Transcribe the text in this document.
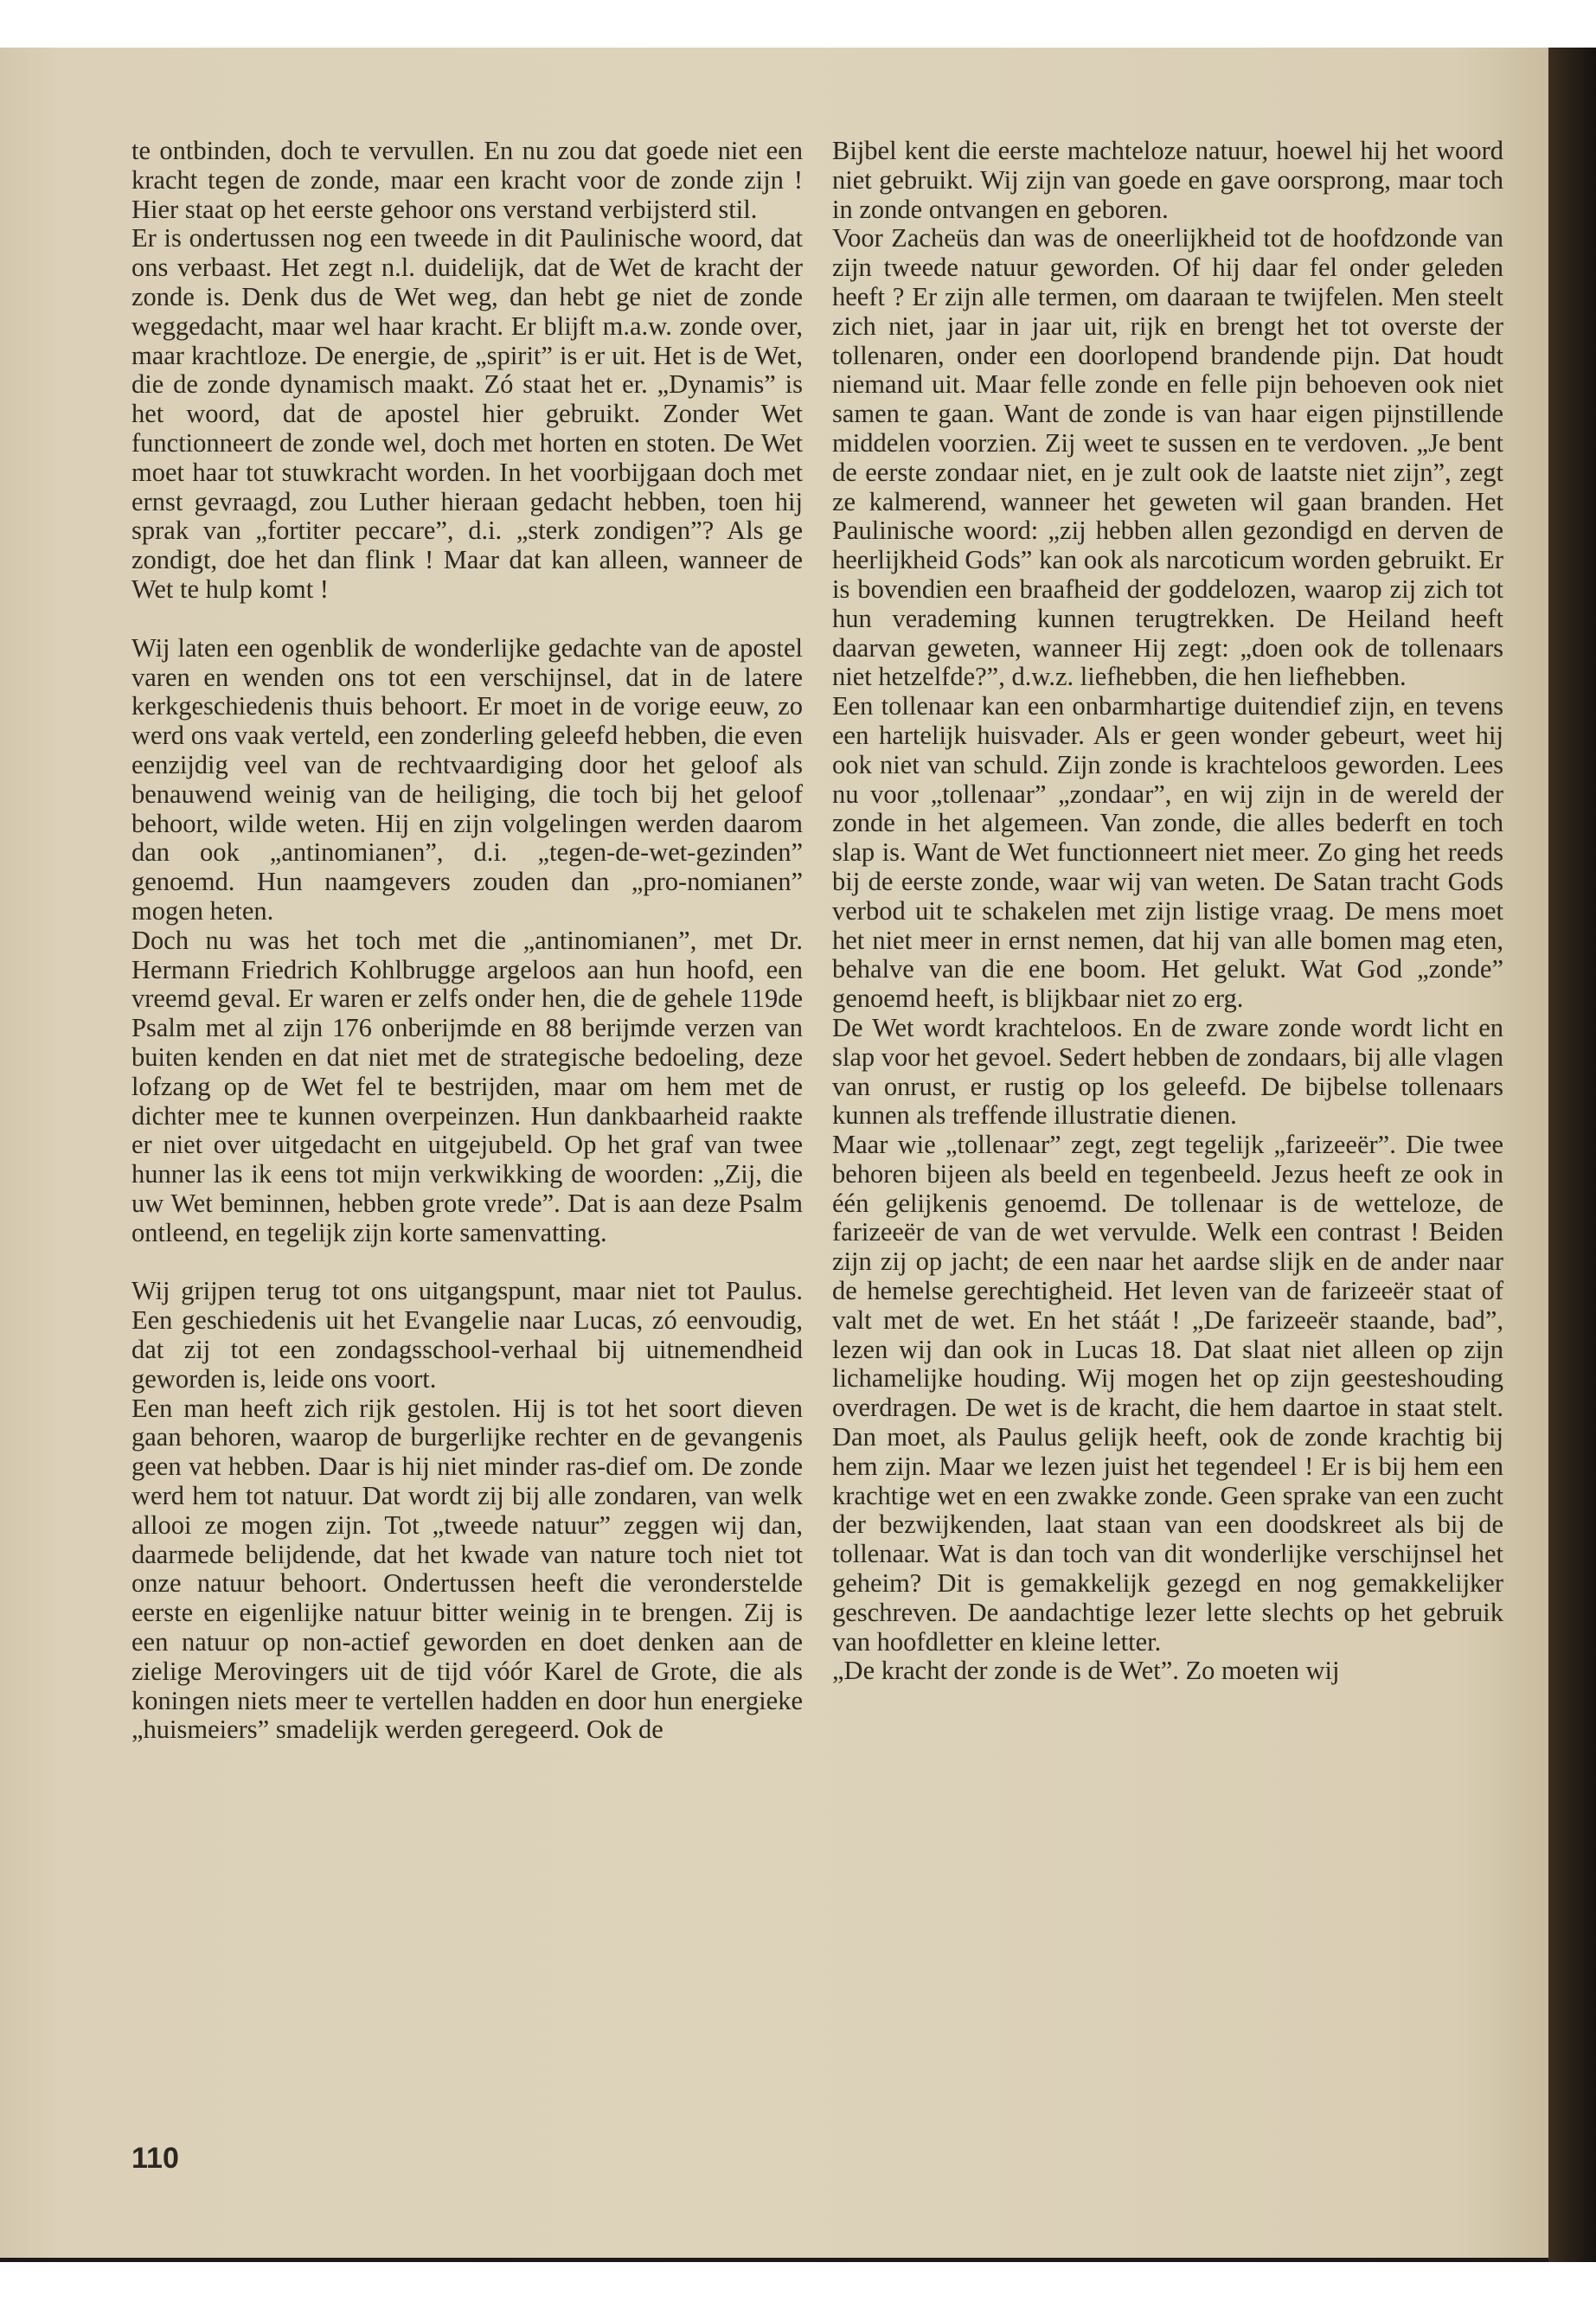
te ontbinden, doch te vervullen. En nu zou dat goede niet een kracht tegen de zonde, maar een kracht voor de zonde zijn ! Hier staat op het eerste gehoor ons verstand verbijsterd stil.

Er is ondertussen nog een tweede in dit Paulinische woord, dat ons verbaast. Het zegt n.l. duidelijk, dat de Wet de kracht der zonde is. Denk dus de Wet weg, dan hebt ge niet de zonde weggedacht, maar wel haar kracht. Er blijft m.a.w. zonde over, maar krachtloze. De energie, de „spirit” is er uit. Het is de Wet, die de zonde dynamisch maakt. Zó staat het er. „Dynamis” is het woord, dat de apostel hier gebruikt. Zonder Wet functionneert de zonde wel, doch met horten en stoten. De Wet moet haar tot stuwkracht worden. In het voorbijgaan doch met ernst gevraagd, zou Luther hieraan gedacht hebben, toen hij sprak van „fortiter peccare”, d.i. „sterk zondigen”? Als ge zondigt, doe het dan flink ! Maar dat kan alleen, wanneer de Wet te hulp komt !

Wij laten een ogenblik de wonderlijke gedachte van de apostel varen en wenden ons tot een verschijnsel, dat in de latere kerkgeschiedenis thuis behoort. Er moet in de vorige eeuw, zo werd ons vaak verteld, een zonderling geleefd hebben, die even eenzijdig veel van de rechtvaardiging door het geloof als benauwend weinig van de heiliging, die toch bij het geloof behoort, wilde weten. Hij en zijn volgelingen werden daarom dan ook „antinomianen”, d.i. „tegen-de-wet-gezinden” genoemd. Hun naamgevers zouden dan „pro-nomianen” mogen heten.

Doch nu was het toch met die „antinomianen”, met Dr. Hermann Friedrich Kohlbrugge argeloos aan hun hoofd, een vreemd geval. Er waren er zelfs onder hen, die de gehele 119de Psalm met al zijn 176 onberijmde en 88 berijmde verzen van buiten kenden en dat niet met de strategische bedoeling, deze lofzang op de Wet fel te bestrijden, maar om hem met de dichter mee te kunnen overpeinzen. Hun dankbaarheid raakte er niet over uitgedacht en uitgejubeld. Op het graf van twee hunner las ik eens tot mijn verkwikking de woorden: „Zij, die uw Wet beminnen, hebben grote vrede”. Dat is aan deze Psalm ontleend, en tegelijk zijn korte samenvatting.

Wij grijpen terug tot ons uitgangspunt, maar niet tot Paulus. Een geschiedenis uit het Evangelie naar Lucas, zó eenvoudig, dat zij tot een zondagsschool-verhaal bij uitnemendheid geworden is, leide ons voort.

Een man heeft zich rijk gestolen. Hij is tot het soort dieven gaan behoren, waarop de burgerlijke rechter en de gevangenis geen vat hebben. Daar is hij niet minder ras-dief om. De zonde werd hem tot natuur. Dat wordt zij bij alle zondaren, van welk allooi ze mogen zijn. Tot „tweede natuur” zeggen wij dan, daarmede belijdende, dat het kwade van nature toch niet tot onze natuur behoort. Ondertussen heeft die veronderstelde eerste en eigenlijke natuur bitter weinig in te brengen. Zij is een natuur op non-actief geworden en doet denken aan de zielige Merovingers uit de tijd vóór Karel de Grote, die als koningen niets meer te vertellen hadden en door hun energieke „huismeiers” smadelijk werden geregeerd. Ook de

Bijbel kent die eerste machteloze natuur, hoewel hij het woord niet gebruikt. Wij zijn van goede en gave oorsprong, maar toch in zonde ontvangen en geboren.

Voor Zacheüs dan was de oneerlijkheid tot de hoofdzonde van zijn tweede natuur geworden. Of hij daar fel onder geleden heeft ? Er zijn alle termen, om daaraan te twijfelen. Men steelt zich niet, jaar in jaar uit, rijk en brengt het tot overste der tollenaren, onder een doorlopend brandende pijn. Dat houdt niemand uit. Maar felle zonde en felle pijn behoeven ook niet samen te gaan. Want de zonde is van haar eigen pijnstillende middelen voorzien. Zij weet te sussen en te verdoven. „Je bent de eerste zondaar niet, en je zult ook de laatste niet zijn”, zegt ze kalmerend, wanneer het geweten wil gaan branden. Het Paulinische woord: „zij hebben allen gezondigd en derven de heerlijkheid Gods” kan ook als narcoticum worden gebruikt. Er is bovendien een braafheid der goddelozen, waarop zij zich tot hun verademing kunnen terugtrekken. De Heiland heeft daarvan geweten, wanneer Hij zegt: „doen ook de tollenaars niet hetzelfde?”, d.w.z. liefhebben, die hen liefhebben.

Een tollenaar kan een onbarmhartige duitendief zijn, en tevens een hartelijk huisvader. Als er geen wonder gebeurt, weet hij ook niet van schuld. Zijn zonde is krachteloos geworden. Lees nu voor „tollenaar” „zondaar”, en wij zijn in de wereld der zonde in het algemeen. Van zonde, die alles bederft en toch slap is. Want de Wet functionneert niet meer. Zo ging het reeds bij de eerste zonde, waar wij van weten. De Satan tracht Gods verbod uit te schakelen met zijn listige vraag. De mens moet het niet meer in ernst nemen, dat hij van alle bomen mag eten, behalve van die ene boom. Het gelukt. Wat God „zonde” genoemd heeft, is blijkbaar niet zo erg.

De Wet wordt krachteloos. En de zware zonde wordt licht en slap voor het gevoel. Sedert hebben de zondaars, bij alle vlagen van onrust, er rustig op los geleefd. De bijbelse tollenaars kunnen als treffende illustratie dienen.

Maar wie „tollenaar” zegt, zegt tegelijk „farizeeër”. Die twee behoren bijeen als beeld en tegenbeeld. Jezus heeft ze ook in één gelijkenis genoemd. De tollenaar is de wetteloze, de farizeeër de van de wet vervulde. Welk een contrast ! Beiden zijn zij op jacht; de een naar het aardse slijk en de ander naar de hemelse gerechtigheid. Het leven van de farizeeër staat of valt met de wet. En het stáát ! „De farizeeër staande, bad”, lezen wij dan ook in Lucas 18. Dat slaat niet alleen op zijn lichamelijke houding. Wij mogen het op zijn geesteshouding overdragen. De wet is de kracht, die hem daartoe in staat stelt. Dan moet, als Paulus gelijk heeft, ook de zonde krachtig bij hem zijn. Maar we lezen juist het tegendeel ! Er is bij hem een krachtige wet en een zwakke zonde. Geen sprake van een zucht der bezwijkenden, laat staan van een doodskreet als bij de tollenaar. Wat is dan toch van dit wonderlijke verschijnsel het geheim? Dit is gemakkelijk gezegd en nog gemakkelijker geschreven. De aandachtige lezer lette slechts op het gebruik van hoofdletter en kleine letter.

„De kracht der zonde is de Wet”. Zo moeten wij

110
